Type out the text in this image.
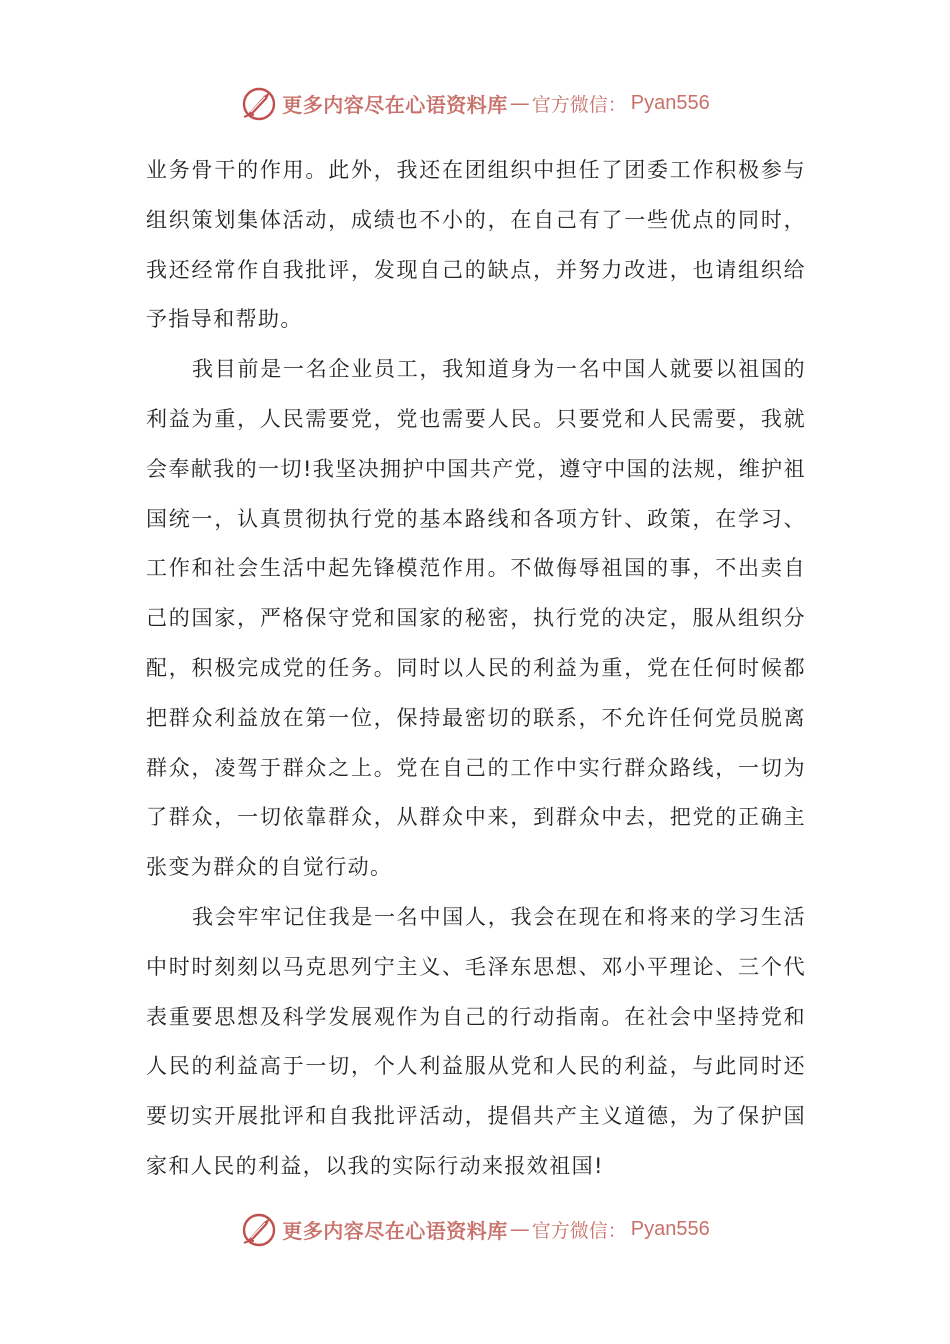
更多内容尽在心语资料库 — 官方微信： Pyan556

业务骨干的作用。此外，我还在团组织中担任了团委工作积极参与组织策划集体活动，成绩也不小的，在自己有了一些优点的同时，我还经常作自我批评，发现自己的缺点，并努力改进，也请组织给予指导和帮助。

我目前是一名企业员工，我知道身为一名中国人就要以祖国的利益为重，人民需要党，党也需要人民。只要党和人民需要，我就会奉献我的一切!我坚决拥护中国共产党，遵守中国的法规，维护祖国统一，认真贯彻执行党的基本路线和各项方针、政策，在学习、工作和社会生活中起先锋模范作用。不做侮辱祖国的事，不出卖自己的国家，严格保守党和国家的秘密，执行党的决定，服从组织分配，积极完成党的任务。同时以人民的利益为重，党在任何时候都把群众利益放在第一位，保持最密切的联系，不允许任何党员脱离群众，凌驾于群众之上。党在自己的工作中实行群众路线，一切为了群众，一切依靠群众，从群众中来，到群众中去，把党的正确主张变为群众的自觉行动。

我会牢牢记住我是一名中国人，我会在现在和将来的学习生活中时时刻刻以马克思列宁主义、毛泽东思想、邓小平理论、三个代表重要思想及科学发展观作为自己的行动指南。在社会中坚持党和人民的利益高于一切，个人利益服从党和人民的利益，与此同时还要切实开展批评和自我批评活动，提倡共产主义道德，为了保护国家和人民的利益，以我的实际行动来报效祖国!

更多内容尽在心语资料库 — 官方微信： Pyan556
